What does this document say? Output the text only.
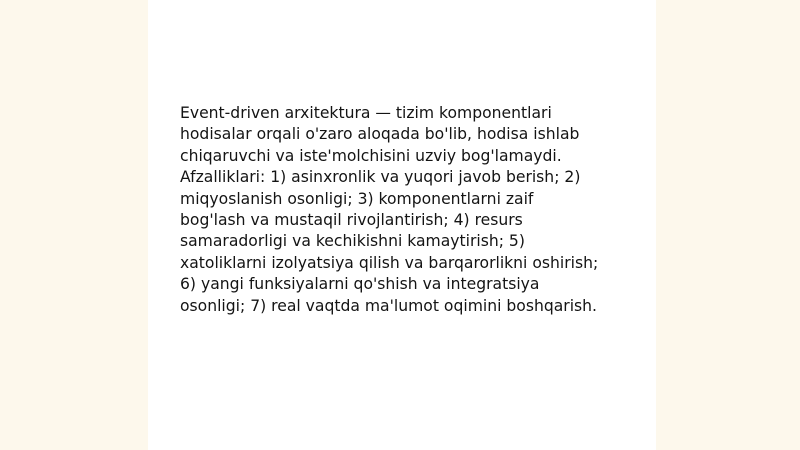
Event-driven arxitektura — tizim komponentlari
hodisalar orqali o'zaro aloqada bo'lib, hodisa ishlab
chiqaruvchi va iste'molchisini uzviy bog'lamaydi.
Afzalliklari: 1) asinxronlik va yuqori javob berish; 2)
miqyoslanish osonligi; 3) komponentlarni zaif
bog'lash va mustaqil rivojlantirish; 4) resurs
samaradorligi va kechikishni kamaytirish; 5)
xatoliklarni izolyatsiya qilish va barqarorlikni oshirish;
6) yangi funksiyalarni qo'shish va integratsiya
osonligi; 7) real vaqtda ma'lumot oqimini boshqarish.
